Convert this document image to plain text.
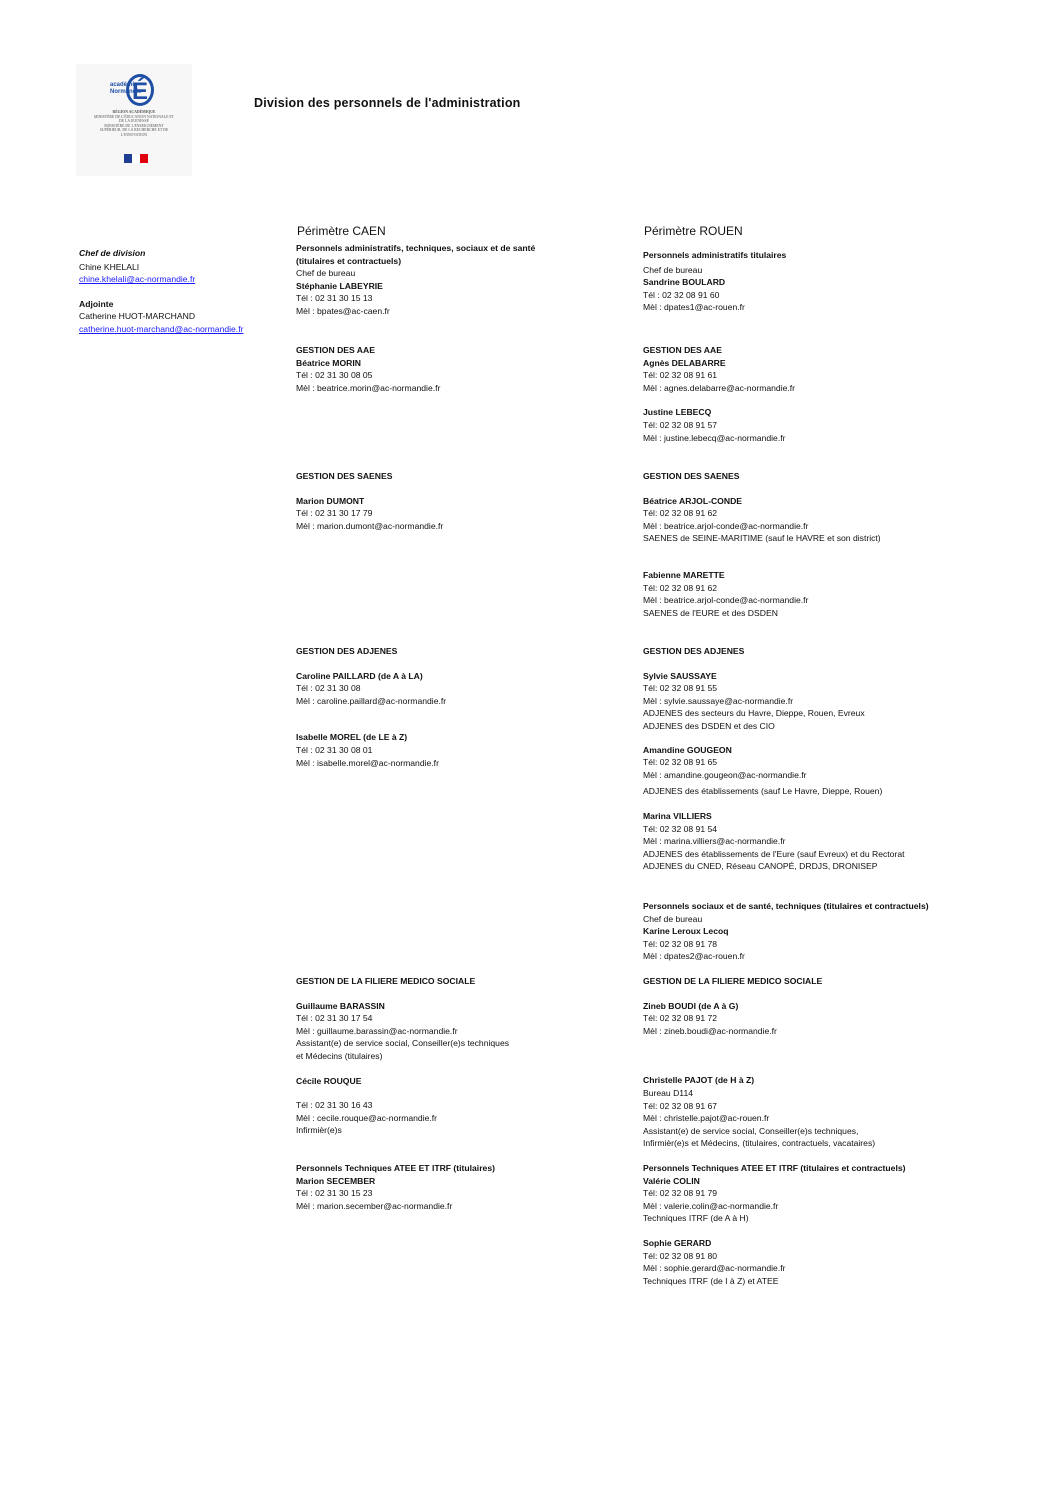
académie
Normandie
É
RÉGION ACADÉMIQUE
MINISTÈRE DE L'ÉDUCATION NATIONALE ET DE LA JEUNESSE
MINISTÈRE DE L'ENSEIGNEMENT SUPÉRIEUR, DE LA RECHERCHE ET DE L'INNOVATION
Division des personnels de l'administration
Chef de division
Chine KHELALI
chine.khelali@ac-normandie.fr
Adjointe
Catherine HUOT-MARCHAND
catherine.huot-marchand@ac-normandie.fr
Périmètre CAEN
Personnels administratifs, techniques, sociaux et de santé
(titulaires et contractuels)
Chef de bureau
Stéphanie LABEYRIE
Tél : 02 31 30 15 13
Mèl : bpates@ac-caen.fr
GESTION DES AAE
Béatrice MORIN
Tél : 02 31 30 08 05
Mèl : beatrice.morin@ac-normandie.fr
GESTION DES SAENES
Marion DUMONT
Tél : 02 31 30 17 79
Mèl : marion.dumont@ac-normandie.fr
GESTION DES ADJENES
Caroline PAILLARD (de A à LA)
Tél : 02 31 30 08
Mèl : caroline.paillard@ac-normandie.fr
Isabelle MOREL (de LE à Z)
Tél : 02 31 30 08 01
Mèl : isabelle.morel@ac-normandie.fr
GESTION DE LA FILIERE MEDICO SOCIALE
Guillaume BARASSIN
Tél : 02 31 30 17 54
Mèl : guillaume.barassin@ac-normandie.fr
Assistant(e) de service social, Conseiller(e)s techniques
et Médecins (titulaires)
Cécile ROUQUE
Tél : 02 31 30 16 43
Mèl : cecile.rouque@ac-normandie.fr
Infirmièr(e)s
Personnels Techniques ATEE ET ITRF (titulaires)
Marion SECEMBER
Tél : 02 31 30 15 23
Mèl : marion.secember@ac-normandie.fr
Périmètre ROUEN
Personnels administratifs titulaires
Chef de bureau
Sandrine BOULARD
Tél : 02 32 08 91 60
Mèl : dpates1@ac-rouen.fr
GESTION DES AAE
Agnès DELABARRE
Tél: 02 32 08 91 61
Mèl : agnes.delabarre@ac-normandie.fr
Justine LEBECQ
Tél: 02 32 08 91 57
Mèl : justine.lebecq@ac-normandie.fr
GESTION DES SAENES
Béatrice ARJOL-CONDE
Tél: 02 32 08 91 62
Mèl : beatrice.arjol-conde@ac-normandie.fr
SAENES de SEINE-MARITIME (sauf le HAVRE et son district)
Fabienne MARETTE
Tél: 02 32 08 91 62
Mèl : beatrice.arjol-conde@ac-normandie.fr
SAENES de l'EURE et des DSDEN
GESTION DES ADJENES
Sylvie SAUSSAYE
Tél: 02 32 08 91 55
Mèl : sylvie.saussaye@ac-normandie.fr
ADJENES des secteurs du Havre, Dieppe, Rouen, Evreux
ADJENES des DSDEN et des CIO
Amandine GOUGEON
Tél: 02 32 08 91 65
Mèl : amandine.gougeon@ac-normandie.fr
ADJENES des établissements (sauf Le Havre, Dieppe, Rouen)
Marina VILLIERS
Tél: 02 32 08 91 54
Mèl : marina.villiers@ac-normandie.fr
ADJENES des établissements de l'Eure (sauf Evreux) et du Rectorat
ADJENES du CNED, Réseau CANOPÉ, DRDJS, DRONISEP
Personnels sociaux et de santé, techniques (titulaires et contractuels)
Chef de bureau
Karine Leroux Lecoq
Tél: 02 32 08 91 78
Mèl : dpates2@ac-rouen.fr
GESTION DE LA FILIERE MEDICO SOCIALE
Zineb BOUDI (de A à G)
Tél: 02 32 08 91 72
Mèl : zineb.boudi@ac-normandie.fr
Christelle PAJOT (de H à Z)
Bureau D114
Tél: 02 32 08 91 67
Mèl : christelle.pajot@ac-rouen.fr
Assistant(e) de service social, Conseiller(e)s techniques,
Infirmièr(e)s et Médecins, (titulaires, contractuels, vacataires)
Personnels Techniques ATEE ET ITRF (titulaires et contractuels)
Valérie COLIN
Tél: 02 32 08 91 79
Mèl : valerie.colin@ac-normandie.fr
Techniques ITRF (de A à H)
Sophie GERARD
Tél: 02 32 08 91 80
Mèl : sophie.gerard@ac-normandie.fr
Techniques ITRF (de I à Z) et ATEE
